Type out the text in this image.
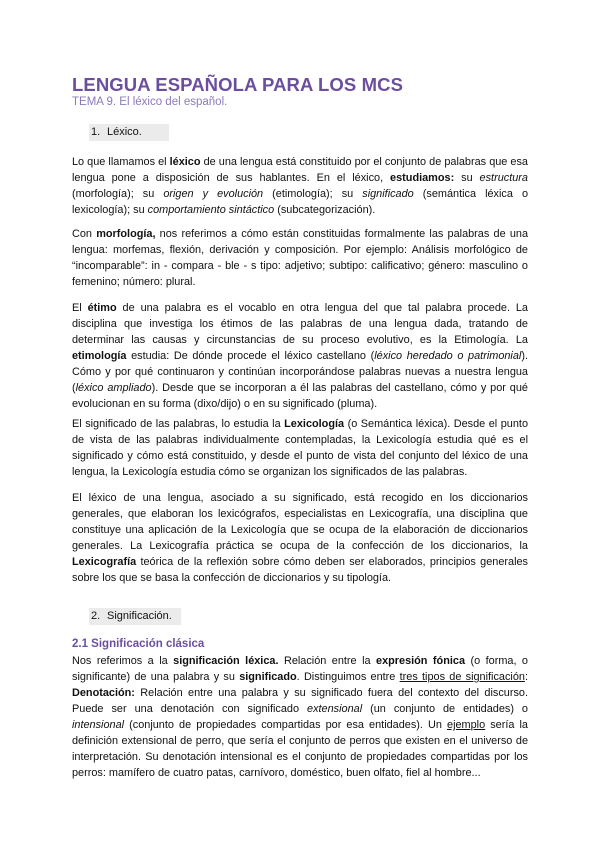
LENGUA ESPAÑOLA PARA LOS MCS
TEMA 9. El léxico del español.
1. Léxico.

Lo que llamamos el léxico de una lengua está constituido por el conjunto de palabras que esa lengua pone a disposición de sus hablantes. En el léxico, estudiamos: su estructura (morfología); su origen y evolución (etimología); su significado (semántica léxica o lexicología); su comportamiento sintáctico (subcategorización).

Con morfología, nos referimos a cómo están constituidas formalmente las palabras de una lengua: morfemas, flexión, derivación y composición. Por ejemplo: Análisis morfológico de “incomparable”: in - compara - ble - s tipo: adjetivo; subtipo: calificativo; género: masculino o femenino; número: plural.

El étimo de una palabra es el vocablo en otra lengua del que tal palabra procede. La disciplina que investiga los étimos de las palabras de una lengua dada, tratando de determinar las causas y circunstancias de su proceso evolutivo, es la Etimología. La etimología estudia: De dónde procede el léxico castellano (léxico heredado o patrimonial). Cómo y por qué continuaron y continúan incorporándose palabras nuevas a nuestra lengua (léxico ampliado). Desde que se incorporan a él las palabras del castellano, cómo y por qué evolucionan en su forma (dixo/dijo) o en su significado (pluma).

El significado de las palabras, lo estudia la Lexicología (o Semántica léxica). Desde el punto de vista de las palabras individualmente contempladas, la Lexicología estudia qué es el significado y cómo está constituido, y desde el punto de vista del conjunto del léxico de una lengua, la Lexicología estudia cómo se organizan los significados de las palabras.

El léxico de una lengua, asociado a su significado, está recogido en los diccionarios generales, que elaboran los lexicógrafos, especialistas en Lexicografía, una disciplina que constituye una aplicación de la Lexicología que se ocupa de la elaboración de diccionarios generales. La Lexicografía práctica se ocupa de la confección de los diccionarios, la Lexicografía teórica de la reflexión sobre cómo deben ser elaborados, principios generales sobre los que se basa la confección de diccionarios y su tipología.

2. Significación.
2.1 Significación clásica

Nos referimos a la significación léxica. Relación entre la expresión fónica (o forma, o significante) de una palabra y su significado. Distinguimos entre tres tipos de significación: Denotación: Relación entre una palabra y su significado fuera del contexto del discurso. Puede ser una denotación con significado extensional (un conjunto de entidades) o intensional (conjunto de propiedades compartidas por esa entidades). Un ejemplo sería la definición extensional de perro, que sería el conjunto de perros que existen en el universo de interpretación. Su denotación intensional es el conjunto de propiedades compartidas por los perros: mamífero de cuatro patas, carnívoro, doméstico, buen olfato, fiel al hombre...
